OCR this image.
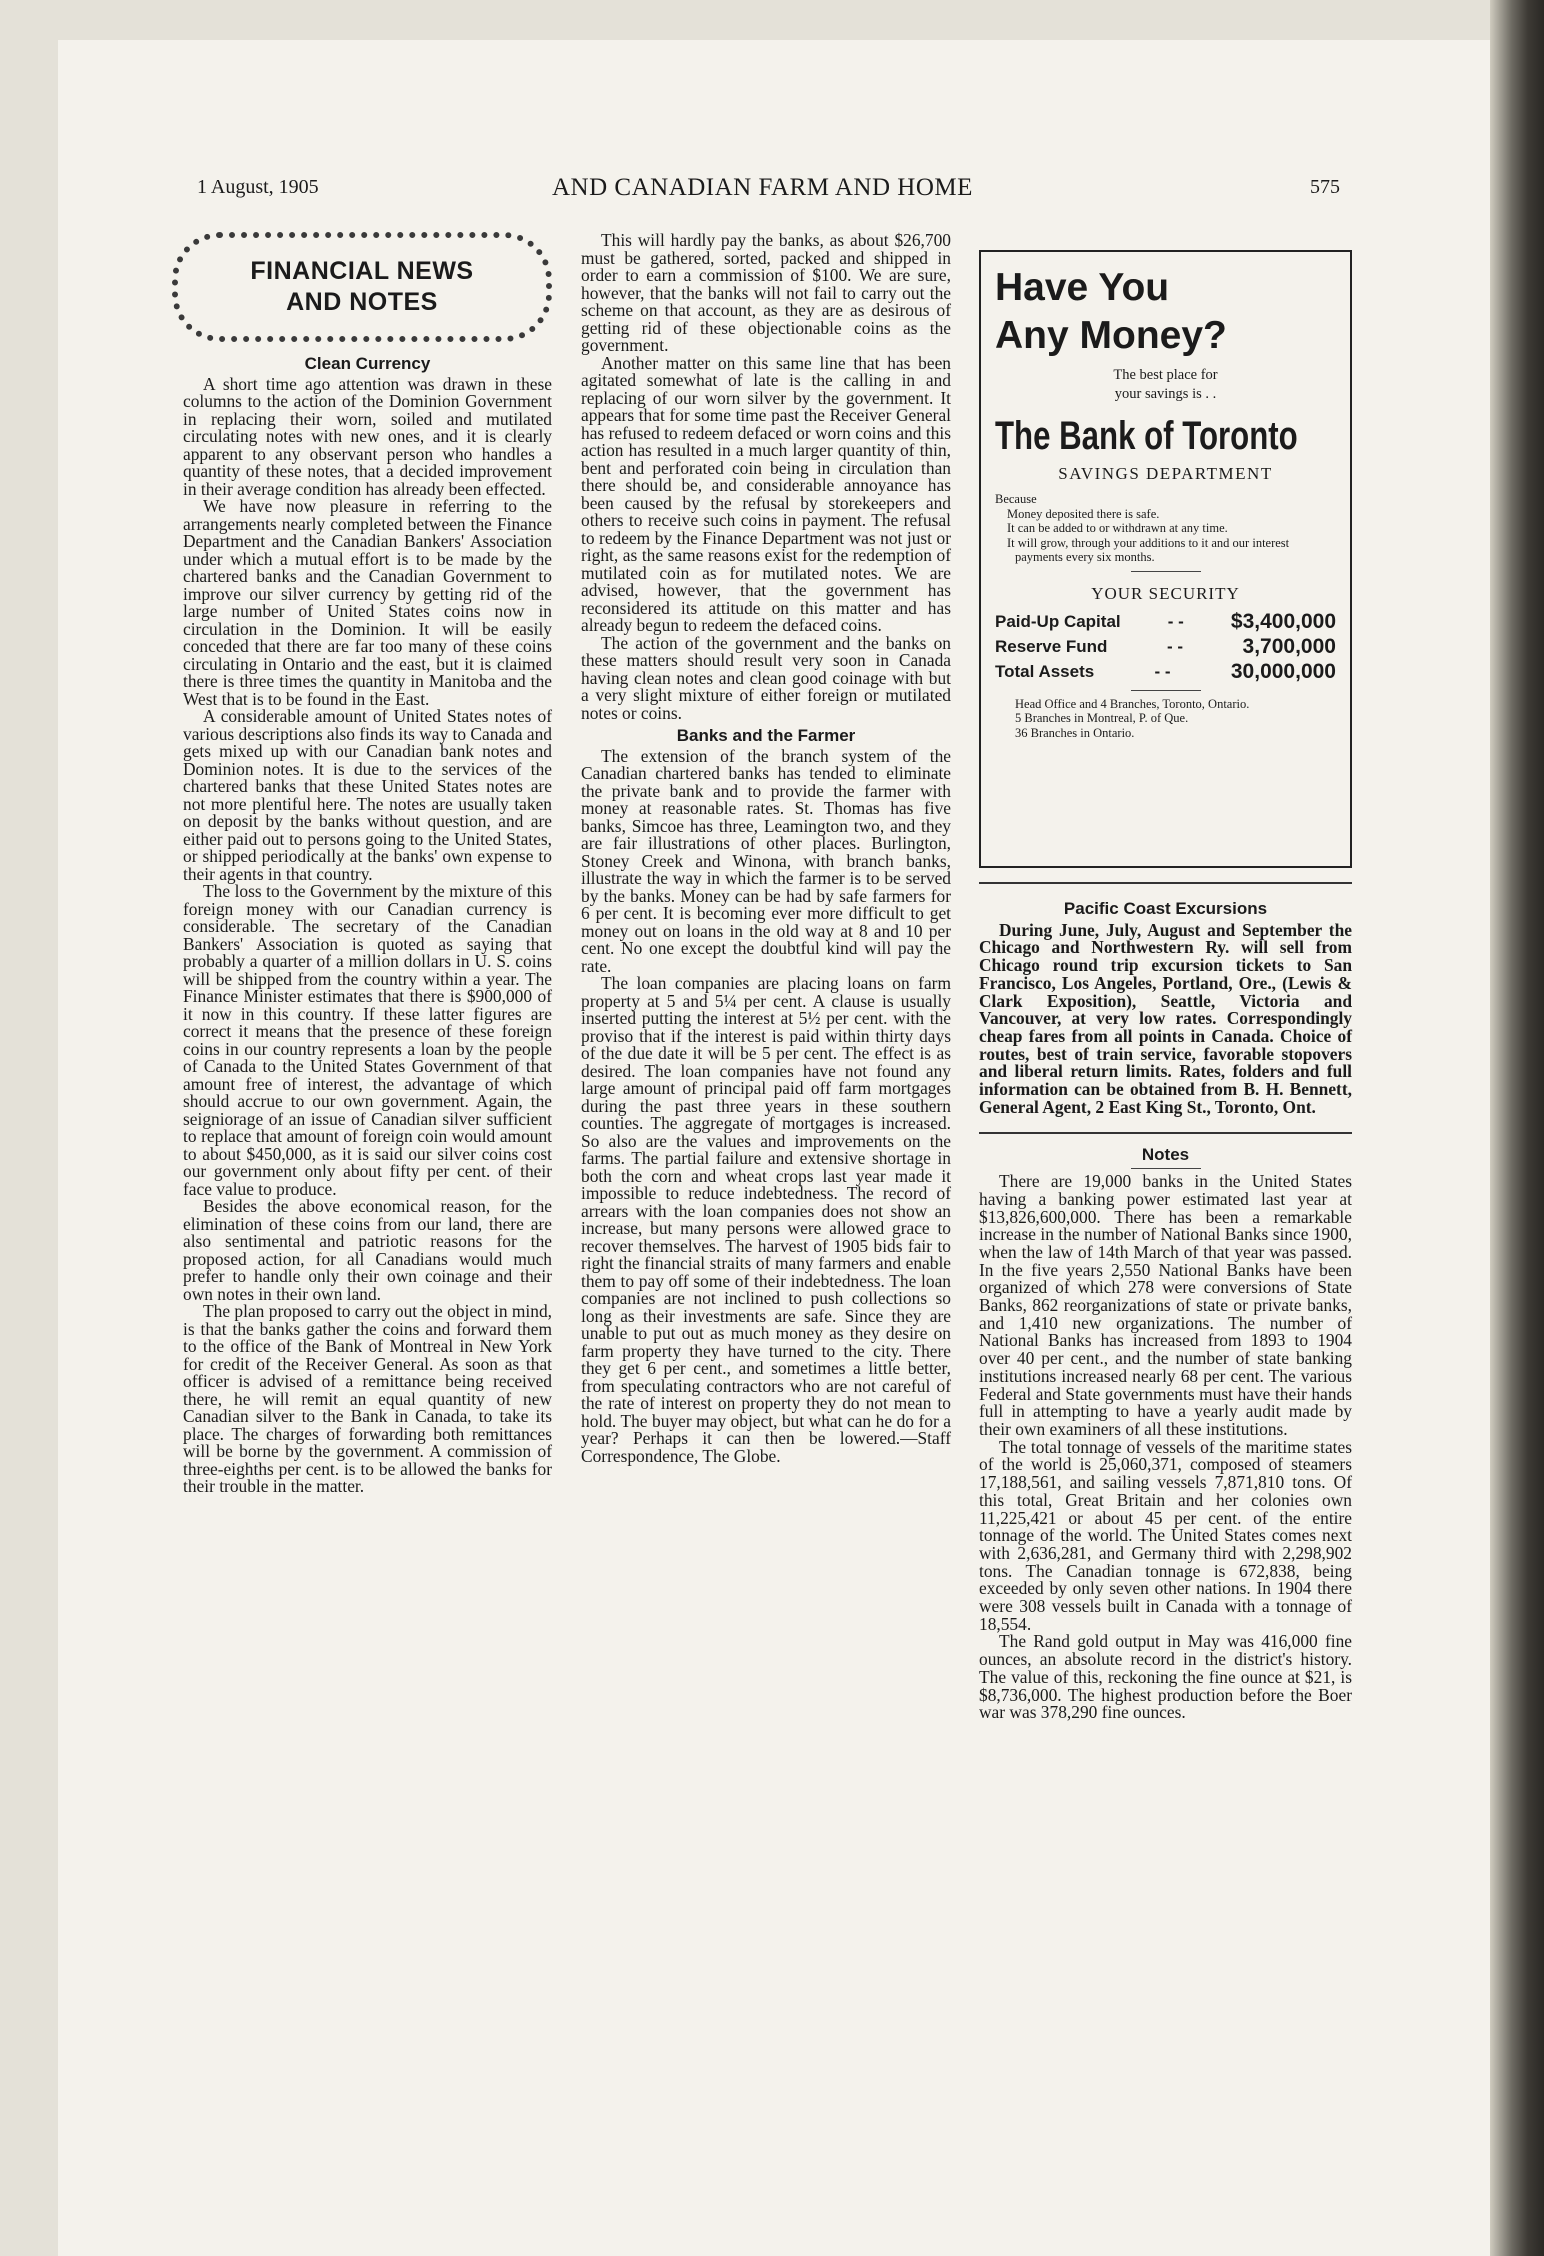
1 August, 1905	AND CANADIAN FARM AND HOME	575
FINANCIAL NEWS
AND NOTES
Clean Currency

A short time ago attention was drawn in these columns to the action of the Dominion Government in replacing their worn, soiled and mutilated circulating notes with new ones, and it is clearly apparent to any observant person who handles a quantity of these notes, that a decided improvement in their average condition has already been effected.

We have now pleasure in referring to the arrangements nearly completed between the Finance Department and the Canadian Bankers' Association under which a mutual effort is to be made by the chartered banks and the Canadian Government to improve our silver currency by getting rid of the large number of United States coins now in circulation in the Dominion. It will be easily conceded that there are far too many of these coins circulating in Ontario and the east, but it is claimed there is three times the quantity in Manitoba and the West that is to be found in the East.

A considerable amount of United States notes of various descriptions also finds its way to Canada and gets mixed up with our Canadian bank notes and Dominion notes. It is due to the services of the chartered banks that these United States notes are not more plentiful here. The notes are usually taken on deposit by the banks without question, and are either paid out to persons going to the United States, or shipped periodically at the banks' own expense to their agents in that country.

The loss to the Government by the mixture of this foreign money with our Canadian currency is considerable. The secretary of the Canadian Bankers' Association is quoted as saying that probably a quarter of a million dollars in U. S. coins will be shipped from the country within a year. The Finance Minister estimates that there is $900,000 of it now in this country. If these latter figures are correct it means that the presence of these foreign coins in our country represents a loan by the people of Canada to the United States Government of that amount free of interest, the advantage of which should accrue to our own government. Again, the seigniorage of an issue of Canadian silver sufficient to replace that amount of foreign coin would amount to about $450,000, as it is said our silver coins cost our government only about fifty per cent. of their face value to produce.

Besides the above economical reason, for the elimination of these coins from our land, there are also sentimental and patriotic reasons for the proposed action, for all Canadians would much prefer to handle only their own coinage and their own notes in their own land.

The plan proposed to carry out the object in mind, is that the banks gather the coins and forward them to the office of the Bank of Montreal in New York for credit of the Receiver General. As soon as that officer is advised of a remittance being received there, he will remit an equal quantity of new Canadian silver to the Bank in Canada, to take its place. The charges of forwarding both remittances will be borne by the government. A commission of three-eighths per cent. is to be allowed the banks for their trouble in the matter.

This will hardly pay the banks, as about $26,700 must be gathered, sorted, packed and shipped in order to earn a commission of $100. We are sure, however, that the banks will not fail to carry out the scheme on that account, as they are as desirous of getting rid of these objectionable coins as the government.

Another matter on this same line that has been agitated somewhat of late is the calling in and replacing of our worn silver by the government. It appears that for some time past the Receiver General has refused to redeem defaced or worn coins and this action has resulted in a much larger quantity of thin, bent and perforated coin being in circulation than there should be, and considerable annoyance has been caused by the refusal by storekeepers and others to receive such coins in payment. The refusal to redeem by the Finance Department was not just or right, as the same reasons exist for the redemption of mutilated coin as for mutilated notes. We are advised, however, that the government has reconsidered its attitude on this matter and has already begun to redeem the defaced coins.

The action of the government and the banks on these matters should result very soon in Canada having clean notes and clean good coinage with but a very slight mixture of either foreign or mutilated notes or coins.

Banks and the Farmer

The extension of the branch system of the Canadian chartered banks has tended to eliminate the private bank and to provide the farmer with money at reasonable rates. St. Thomas has five banks, Simcoe has three, Leamington two, and they are fair illustrations of other places. Burlington, Stoney Creek and Winona, with branch banks, illustrate the way in which the farmer is to be served by the banks. Money can be had by safe farmers for 6 per cent. It is becoming ever more difficult to get money out on loans in the old way at 8 and 10 per cent. No one except the doubtful kind will pay the rate.

The loan companies are placing loans on farm property at 5 and 5¼ per cent. A clause is usually inserted putting the interest at 5½ per cent. with the proviso that if the interest is paid within thirty days of the due date it will be 5 per cent. The effect is as desired. The loan companies have not found any large amount of principal paid off farm mortgages during the past three years in these southern counties. The aggregate of mortgages is increased. So also are the values and improvements on the farms. The partial failure and extensive shortage in both the corn and wheat crops last year made it impossible to reduce indebtedness. The record of arrears with the loan companies does not show an increase, but many persons were allowed grace to recover themselves. The harvest of 1905 bids fair to right the financial straits of many farmers and enable them to pay off some of their indebtedness. The loan companies are not inclined to push collections so long as their investments are safe. Since they are unable to put out as much money as they desire on farm property they have turned to the city. There they get 6 per cent., and sometimes a little better, from speculating contractors who are not careful of the rate of interest on property they do not mean to hold. The buyer may object, but what can he do for a year? Perhaps it can then be lowered.—Staff Correspondence, The Globe.

Have You
Any Money?
The best place for
your savings is . .
The Bank of Toronto
SAVINGS DEPARTMENT
Because
Money deposited there is safe.
It can be added to or withdrawn at any time.
It will grow, through your additions to it and our interest payments every six months.
YOUR SECURITY
Paid-Up Capital	- - $3,400,000
Reserve Fund	- -	3,700,000
Total Assets	- -	30,000,000
Head Office and 4 Branches, Toronto, Ontario.
5 Branches in Montreal, P. of Que.
36 Branches in Ontario.
Pacific Coast Excursions

During June, July, August and September the Chicago and Northwestern Ry. will sell from Chicago round trip excursion tickets to San Francisco, Los Angeles, Portland, Ore., (Lewis & Clark Exposition), Seattle, Victoria and Vancouver, at very low rates. Correspondingly cheap fares from all points in Canada. Choice of routes, best of train service, favorable stopovers and liberal return limits. Rates, folders and full information can be obtained from B. H. Bennett, General Agent, 2 East King St., Toronto, Ont.

Notes

There are 19,000 banks in the United States having a banking power estimated last year at $13,826,600,000. There has been a remarkable increase in the number of National Banks since 1900, when the law of 14th March of that year was passed. In the five years 2,550 National Banks have been organized of which 278 were conversions of State Banks, 862 reorganizations of state or private banks, and 1,410 new organizations. The number of National Banks has increased from 1893 to 1904 over 40 per cent., and the number of state banking institutions increased nearly 68 per cent. The various Federal and State governments must have their hands full in attempting to have a yearly audit made by their own examiners of all these institutions.

The total tonnage of vessels of the maritime states of the world is 25,060,371, composed of steamers 17,188,561, and sailing vessels 7,871,810 tons. Of this total, Great Britain and her colonies own 11,225,421 or about 45 per cent. of the entire tonnage of the world. The United States comes next with 2,636,281, and Germany third with 2,298,902 tons. The Canadian tonnage is 672,838, being exceeded by only seven other nations. In 1904 there were 308 vessels built in Canada with a tonnage of 18,554.

The Rand gold output in May was 416,000 fine ounces, an absolute record in the district's history. The value of this, reckoning the fine ounce at $21, is $8,736,000. The highest production before the Boer war was 378,290 fine ounces.
